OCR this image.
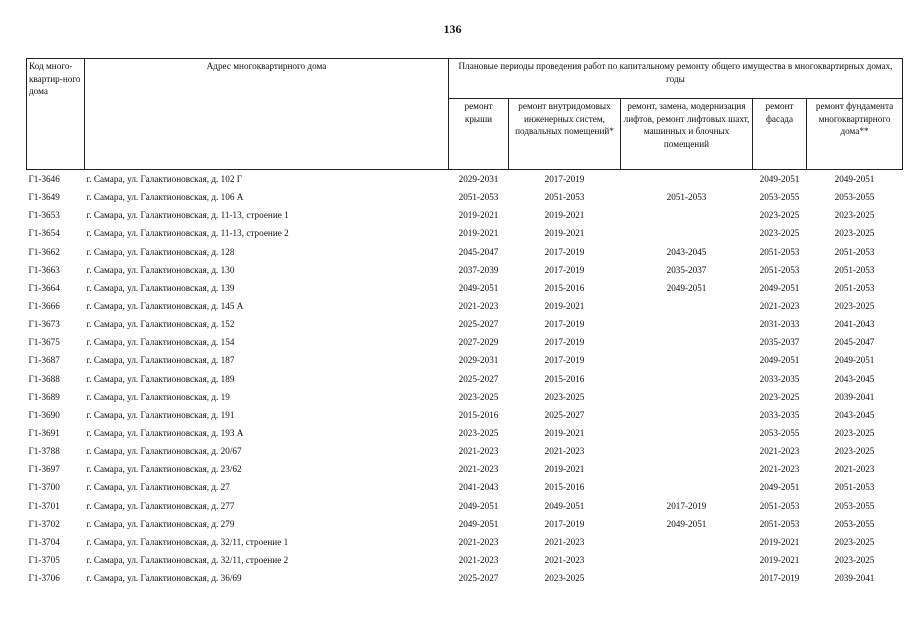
136
Код много-квартир-ного дома	Адрес многоквартирного дома	Плановые периоды проведения работ по капитальному ремонту общего имущества в многоквартирных домах, годы				
		ремонт крыши	ремонт внутридомовых инженерных систем, подвальных помещений*	ремонт, замена, модернизация лифтов, ремонт лифтовых шахт, машинных и блочных помещений	ремонт фасада	ремонт фундамента многоквартирного дома**
Г1-3646	г. Самара, ул. Галактионовская, д. 102 Г	2029-2031	2017-2019		2049-2051	2049-2051
Г1-3649	г. Самара, ул. Галактионовская, д. 106 А	2051-2053	2051-2053	2051-2053	2053-2055	2053-2055
Г1-3653	г. Самара, ул. Галактионовская, д. 11-13, строение 1	2019-2021	2019-2021		2023-2025	2023-2025
Г1-3654	г. Самара, ул. Галактионовская, д. 11-13, строение 2	2019-2021	2019-2021		2023-2025	2023-2025
Г1-3662	г. Самара, ул. Галактионовская, д. 128	2045-2047	2017-2019	2043-2045	2051-2053	2051-2053
Г1-3663	г. Самара, ул. Галактионовская, д. 130	2037-2039	2017-2019	2035-2037	2051-2053	2051-2053
Г1-3664	г. Самара, ул. Галактионовская, д. 139	2049-2051	2015-2016	2049-2051	2049-2051	2051-2053
Г1-3666	г. Самара, ул. Галактионовская, д. 145 А	2021-2023	2019-2021		2021-2023	2023-2025
Г1-3673	г. Самара, ул. Галактионовская, д. 152	2025-2027	2017-2019		2031-2033	2041-2043
Г1-3675	г. Самара, ул. Галактионовская, д. 154	2027-2029	2017-2019		2035-2037	2045-2047
Г1-3687	г. Самара, ул. Галактионовская, д. 187	2029-2031	2017-2019		2049-2051	2049-2051
Г1-3688	г. Самара, ул. Галактионовская, д. 189	2025-2027	2015-2016		2033-2035	2043-2045
Г1-3689	г. Самара, ул. Галактионовская, д. 19	2023-2025	2023-2025		2023-2025	2039-2041
Г1-3690	г. Самара, ул. Галактионовская, д. 191	2015-2016	2025-2027		2033-2035	2043-2045
Г1-3691	г. Самара, ул. Галактионовская, д. 193 А	2023-2025	2019-2021		2053-2055	2023-2025
Г1-3788	г. Самара, ул. Галактионовская, д. 20/67	2021-2023	2021-2023		2021-2023	2023-2025
Г1-3697	г. Самара, ул. Галактионовская, д. 23/62	2021-2023	2019-2021		2021-2023	2021-2023
Г1-3700	г. Самара, ул. Галактионовская, д. 27	2041-2043	2015-2016		2049-2051	2051-2053
Г1-3701	г. Самара, ул. Галактионовская, д. 277	2049-2051	2049-2051	2017-2019	2051-2053	2053-2055
Г1-3702	г. Самара, ул. Галактионовская, д. 279	2049-2051	2017-2019	2049-2051	2051-2053	2053-2055
Г1-3704	г. Самара, ул. Галактионовская, д. 32/11, строение 1	2021-2023	2021-2023		2019-2021	2023-2025
Г1-3705	г. Самара, ул. Галактионовская, д. 32/11, строение 2	2021-2023	2021-2023		2019-2021	2023-2025
Г1-3706	г. Самара, ул. Галактионовская, д. 36/69	2025-2027	2023-2025		2017-2019	2039-2041
